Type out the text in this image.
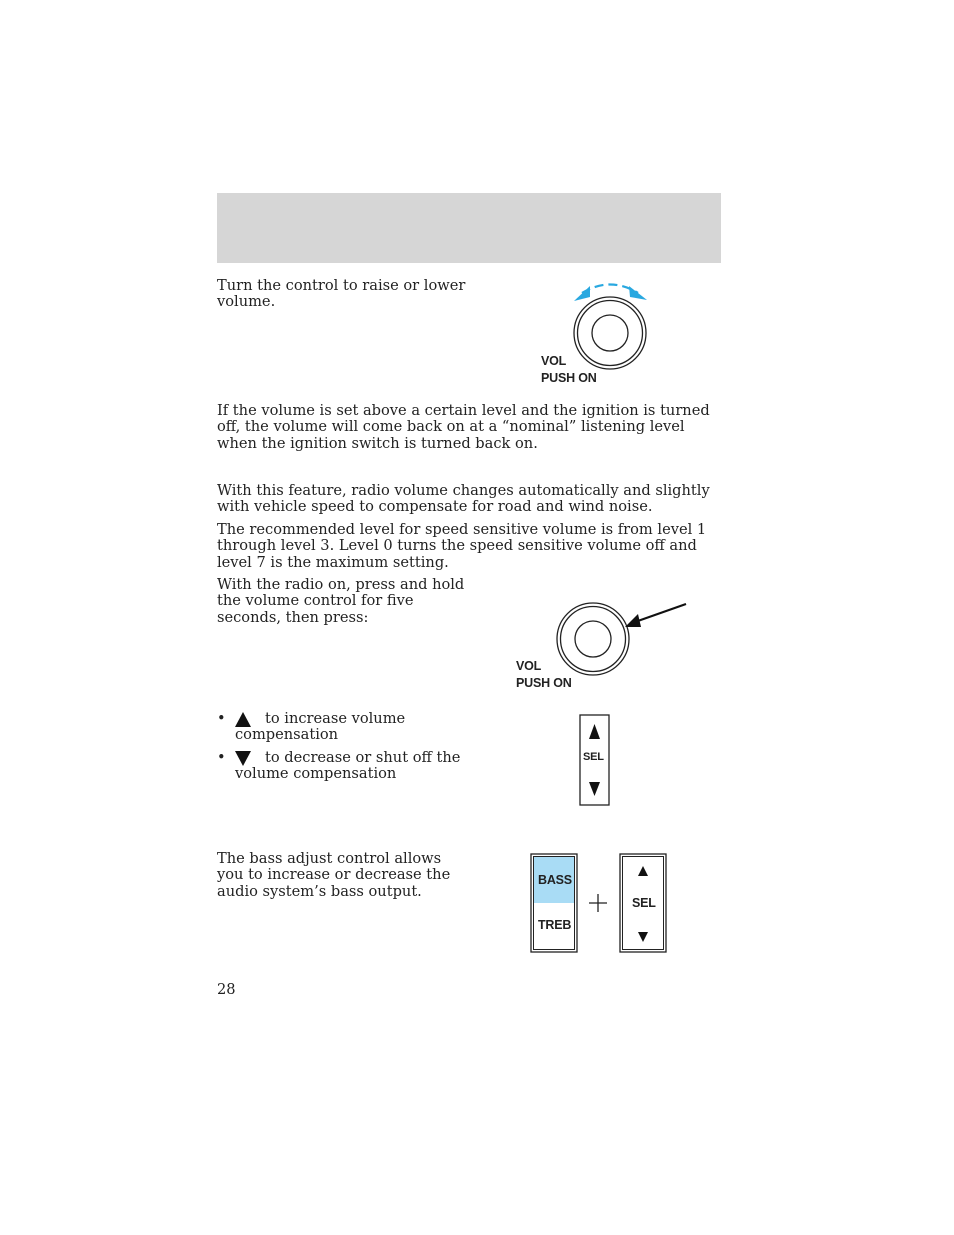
Turn the control to raise or lower volume.

VOL
PUSH ON

If the volume is set above a certain level and the ignition is turned off, the volume will come back on at a “nominal” listening level when the ignition switch is turned back on.

With this feature, radio volume changes automatically and slightly with vehicle speed to compensate for road and wind noise.

The recommended level for speed sensitive volume is from level 1 through level 3. Level 0 turns the speed sensitive volume off and level 7 is the maximum setting.

With the radio on, press and hold the volume control for five seconds, then press:

VOL
PUSH ON
•	to increase volume compensation
•	to decrease or shut off the volume compensation
SEL

The bass adjust control allows you to increase or decrease the audio system’s bass output.

BASS
TREB
SEL
28
